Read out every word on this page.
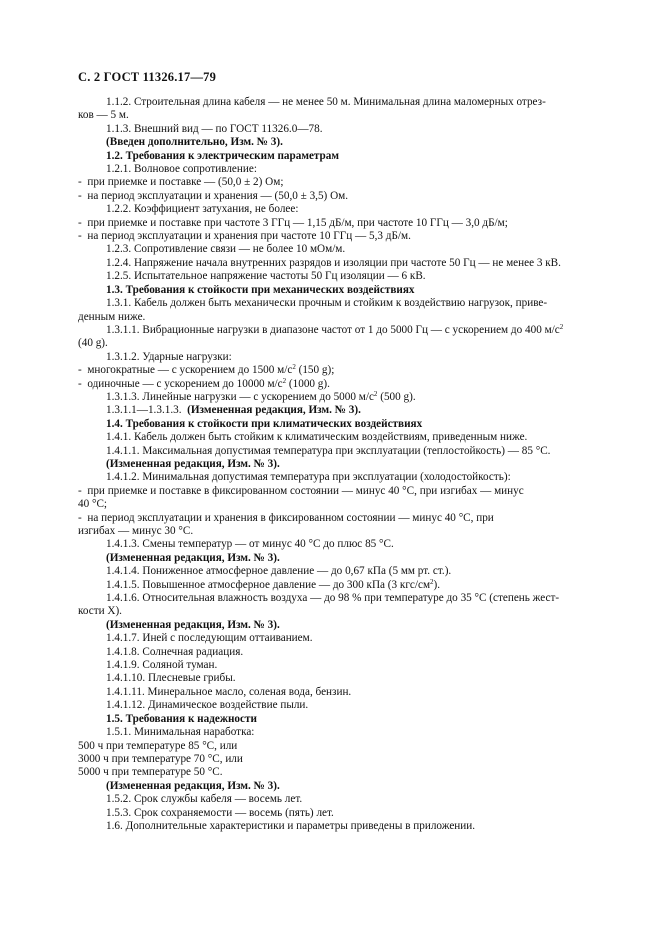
С. 2 ГОСТ 11326.17—79

1.1.2. Строительная длина кабеля — не менее 50 м. Минимальная длина маломерных отрез-
ков — 5 м.

1.1.3. Внешний вид — по ГОСТ 11326.0—78.

(Введен дополнительно, Изм. № 3).

1.2. Требования к электрическим параметрам

1.2.1. Волновое сопротивление:

- при приемке и поставке — (50,0 ± 2) Ом;

- на период эксплуатации и хранения — (50,0 ± 3,5) Ом.

1.2.2. Коэффициент затухания, не более:

- при приемке и поставке при частоте 3 ГГц — 1,15 дБ/м, при частоте 10 ГГц — 3,0 дБ/м;

- на период эксплуатации и хранения при частоте 10 ГГц — 5,3 дБ/м.

1.2.3. Сопротивление связи — не более 10 мОм/м.

1.2.4. Напряжение начала внутренних разрядов и изоляции при частоте 50 Гц — не менее 3 кВ.

1.2.5. Испытательное напряжение частоты 50 Гц изоляции — 6 кВ.

1.3. Требования к стойкости при механических воздействиях

1.3.1. Кабель должен быть механически прочным и стойким к воздействию нагрузок, приве-
денным ниже.

1.3.1.1. Вибрационные нагрузки в диапазоне частот от 1 до 5000 Гц — с ускорением до 400 $м/с^2$
(40 g).

1.3.1.2. Ударные нагрузки:

- многократные — с ускорением до 1500 $м/с^2$ (150 g);

- одиночные — с ускорением до 10000 $м/с^2$ (1000 g).

1.3.1.3. Линейные нагрузки — с ускорением до 5000 $м/с^2$ (500 g).

1.3.1.1—1.3.1.3. (Измененная редакция, Изм. № 3).

1.4. Требования к стойкости при климатических воздействиях

1.4.1. Кабель должен быть стойким к климатическим воздействиям, приведенным ниже.

1.4.1.1. Максимальная допустимая температура при эксплуатации (теплостойкость) — 85 °С.

(Измененная редакция, Изм. № 3).

1.4.1.2. Минимальная допустимая температура при эксплуатации (холодостойкость):

- при приемке и поставке в фиксированном состоянии — минус 40 °С, при изгибах — минус
40 °С;

- на период эксплуатации и хранения в фиксированном состоянии — минус 40 °С, при
изгибах — минус 30 °С.

1.4.1.3. Смены температур — от минус 40 °С до плюс 85 °С.

(Измененная редакция, Изм. № 3).

1.4.1.4. Пониженное атмосферное давление — до 0,67 кПа (5 мм рт. ст.).

1.4.1.5. Повышенное атмосферное давление — до 300 кПа (3 кгс/$см^2$).

1.4.1.6. Относительная влажность воздуха — до 98 % при температуре до 35 °С (степень жест-
кости X).

(Измененная редакция, Изм. № 3).

1.4.1.7. Иней с последующим оттаиванием.

1.4.1.8. Солнечная радиация.

1.4.1.9. Соляной туман.

1.4.1.10. Плесневые грибы.

1.4.1.11. Минеральное масло, соленая вода, бензин.

1.4.1.12. Динамическое воздействие пыли.

1.5. Требования к надежности

1.5.1. Минимальная наработка:

500 ч при температуре 85 °С, или

3000 ч при температуре 70 °С, или

5000 ч при температуре 50 °С.

(Измененная редакция, Изм. № 3).

1.5.2. Срок службы кабеля — восемь лет.

1.5.3. Срок сохраняемости — восемь (пять) лет.

1.6. Дополнительные характеристики и параметры приведены в приложении.
